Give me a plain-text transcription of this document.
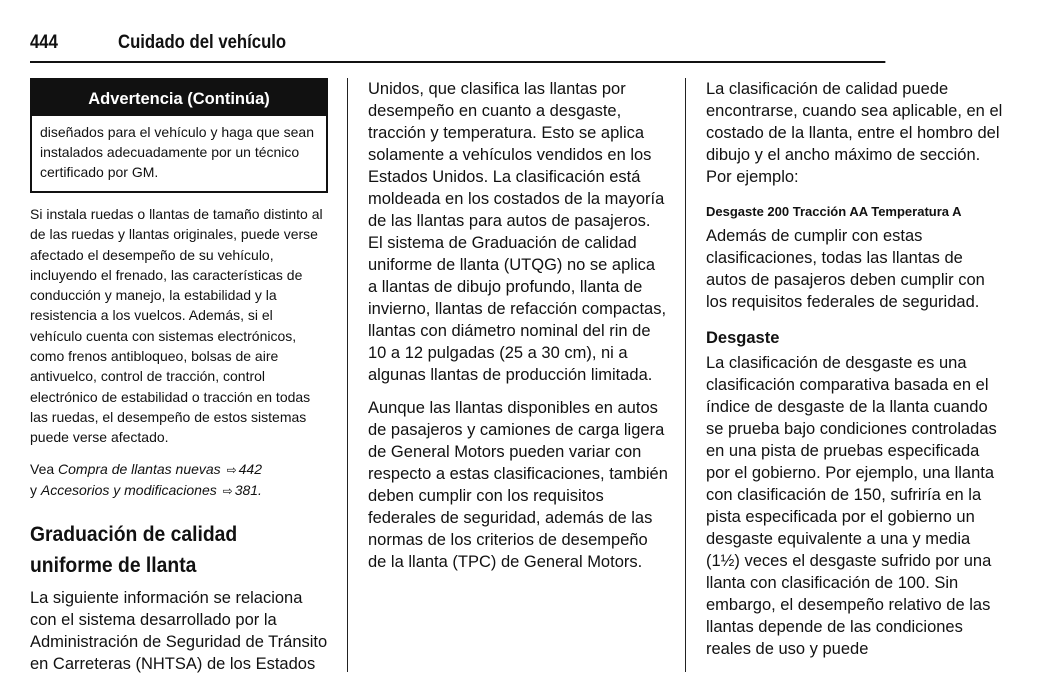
444	Cuidado del vehículo
Advertencia (Continúa)
diseñados para el vehículo y haga que sean instalados adecuadamente por un técnico certificado por GM.

Si instala ruedas o llantas de tamaño distinto al de las ruedas y llantas originales, puede verse afectado el desempeño de su vehículo, incluyendo el frenado, las características de conducción y manejo, la estabilidad y la resistencia a los vuelcos. Además, si el vehículo cuenta con sistemas electrónicos, como frenos antibloqueo, bolsas de aire antivuelco, control de tracción, control electrónico de estabilidad o tracción en todas las ruedas, el desempeño de estos sistemas puede verse afectado.

Vea Compra de llantas nuevas ⇨ 442
y Accesorios y modificaciones ⇨ 381.

Graduación de calidad uniforme de llanta

La siguiente información se relaciona con el sistema desarrollado por la Administración de Seguridad de Tránsito en Carreteras (NHTSA) de los Estados

Unidos, que clasifica las llantas por desempeño en cuanto a desgaste, tracción y temperatura. Esto se aplica solamente a vehículos vendidos en los Estados Unidos. La clasificación está moldeada en los costados de la mayoría de las llantas para autos de pasajeros. El sistema de Graduación de calidad uniforme de llanta (UTQG) no se aplica a llantas de dibujo profundo, llanta de invierno, llantas de refacción compactas, llantas con diámetro nominal del rin de 10 a 12 pulgadas (25 a 30 cm), ni a algunas llantas de producción limitada.

Aunque las llantas disponibles en autos de pasajeros y camiones de carga ligera de General Motors pueden variar con respecto a estas clasificaciones, también deben cumplir con los requisitos federales de seguridad, además de las normas de los criterios de desempeño de la llanta (TPC) de General Motors.

La clasificación de calidad puede encontrarse, cuando sea aplicable, en el costado de la llanta, entre el hombro del dibujo y el ancho máximo de sección. Por ejemplo:

Desgaste 200 Tracción AA Temperatura A

Además de cumplir con estas clasificaciones, todas las llantas de autos de pasajeros deben cumplir con los requisitos federales de seguridad.

Desgaste

La clasificación de desgaste es una clasificación comparativa basada en el índice de desgaste de la llanta cuando se prueba bajo condiciones controladas en una pista de pruebas especificada por el gobierno. Por ejemplo, una llanta con clasificación de 150, sufriría en la pista especificada por el gobierno un desgaste equivalente a una y media (1½) veces el desgaste sufrido por una llanta con clasificación de 100. Sin embargo, el desempeño relativo de las llantas depende de las condiciones reales de uso y puede
